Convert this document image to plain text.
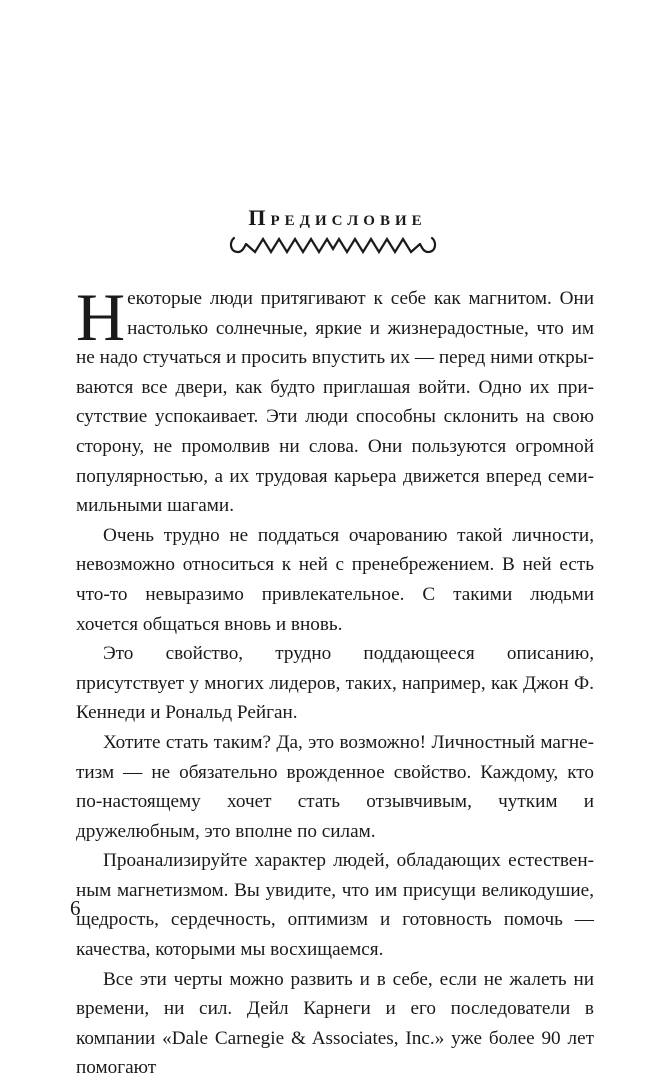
Предисловие

Некоторые люди притягивают к себе как магнитом. Они настолько солнечные, яркие и жизнерадостные, что им не надо стучаться и просить впустить их — перед ними открываются все двери, как будто приглашая войти. Одно их присутствие успокаивает. Эти люди способны склонить на свою сторону, не промолвив ни слова. Они пользуются огромной популярностью, а их трудовая карьера движется вперед семимильными шагами.

Очень трудно не поддаться очарованию такой личности, невозможно относиться к ней с пренебрежением. В ней есть что-то невыразимо привлекательное. С такими людьми хочется общаться вновь и вновь.

Это свойство, трудно поддающееся описанию, присутствует у многих лидеров, таких, например, как Джон Ф. Кеннеди и Рональд Рейган.

Хотите стать таким? Да, это возможно! Личностный магнетизм — не обязательно врожденное свойство. Каждому, кто по-настоящему хочет стать отзывчивым, чутким и дружелюбным, это вполне по силам.

Проанализируйте характер людей, обладающих естественным магнетизмом. Вы увидите, что им присущи великодушие, щедрость, сердечность, оптимизм и готовность помочь — качества, которыми мы восхищаемся.

Все эти черты можно развить и в себе, если не жалеть ни времени, ни сил. Дейл Карнеги и его последователи в компании «Dale Carnegie & Associates, Inc.» уже более 90 лет помогают

6
